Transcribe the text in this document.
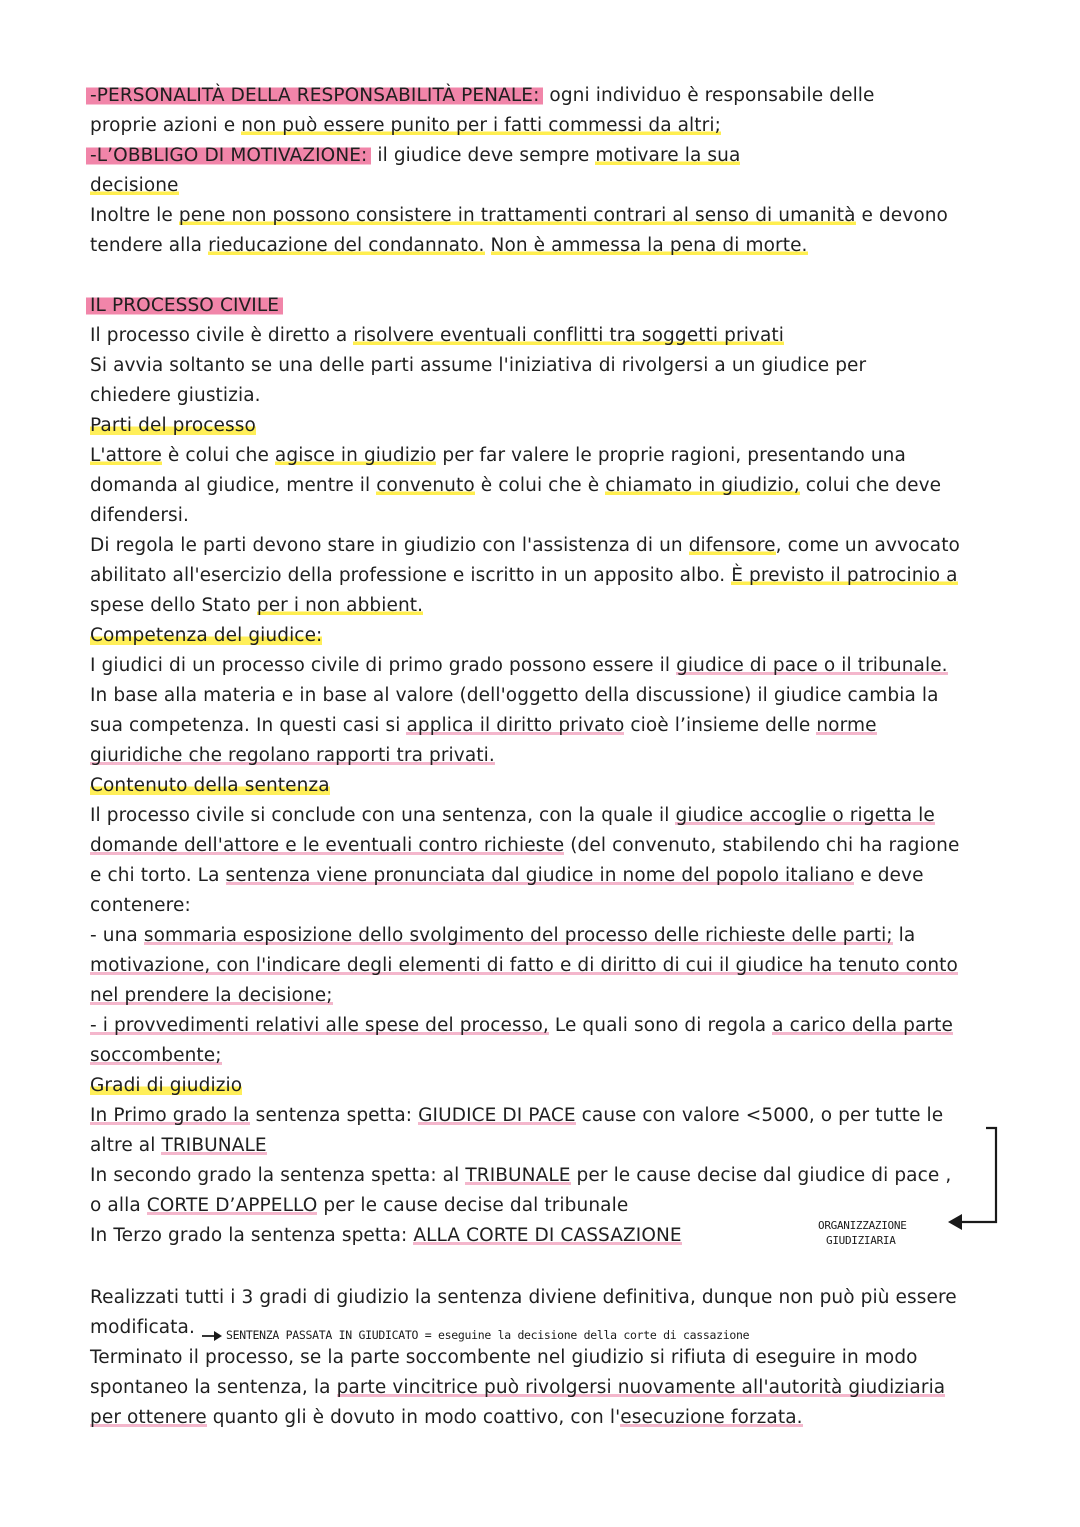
ORGANIZZAZIONE
GIUDIZIARIA
SENTENZA PASSATA IN GIUDICATO = eseguine la decisione della corte di cassazione
-PERSONALITÀ DELLA RESPONSABILITÀ PENALE: ogni individuo è responsabile delle
proprie azioni e non può essere punito per i fatti commessi da altri;
-L’OBBLIGO DI MOTIVAZIONE: il giudice deve sempre motivare la sua
decisione
Inoltre le pene non possono consistere in trattamenti contrari al senso di umanità e devono
tendere alla rieducazione del condannato. Non è ammessa la pena di morte.
IL PROCESSO CIVILE
Il processo civile è diretto a risolvere eventuali conflitti tra soggetti privati
Si avvia soltanto se una delle parti assume l'iniziativa di rivolgersi a un giudice per
chiedere giustizia.
Parti del processo
L'attore è colui che agisce in giudizio per far valere le proprie ragioni, presentando una
domanda al giudice, mentre il convenuto è colui che è chiamato in giudizio, colui che deve
difendersi.
Di regola le parti devono stare in giudizio con l'assistenza di un difensore, come un avvocato
abilitato all'esercizio della professione e iscritto in un apposito albo. È previsto il patrocinio a
spese dello Stato per i non abbient.
Competenza del giudice:
I giudici di un processo civile di primo grado possono essere il giudice di pace o il tribunale.
In base alla materia e in base al valore (dell'oggetto della discussione) il giudice cambia la
sua competenza. In questi casi si applica il diritto privato cioè l’insieme delle norme
giuridiche che regolano rapporti tra privati.
Contenuto della sentenza
Il processo civile si conclude con una sentenza, con la quale il giudice accoglie o rigetta le
domande dell'attore e le eventuali contro richieste (del convenuto, stabilendo chi ha ragione
e chi torto. La sentenza viene pronunciata dal giudice in nome del popolo italiano e deve
contenere:
- una sommaria esposizione dello svolgimento del processo delle richieste delle parti; la
motivazione, con l'indicare degli elementi di fatto e di diritto di cui il giudice ha tenuto conto
nel prendere la decisione;
- i provvedimenti relativi alle spese del processo, Le quali sono di regola a carico della parte
soccombente;
Gradi di giudizio
In Primo grado la sentenza spetta: GIUDICE DI PACE cause con valore <5000, o per tutte le
altre al TRIBUNALE
In secondo grado la sentenza spetta: al TRIBUNALE per le cause decise dal giudice di pace ,
o alla CORTE D’APPELLO per le cause decise dal tribunale
In Terzo grado la sentenza spetta: ALLA CORTE DI CASSAZIONE
Realizzati tutti i 3 gradi di giudizio la sentenza diviene definitiva, dunque non può più essere
modificata.
Terminato il processo, se la parte soccombente nel giudizio si rifiuta di eseguire in modo
spontaneo la sentenza, la parte vincitrice può rivolgersi nuovamente all'autorità giudiziaria
per ottenere quanto gli è dovuto in modo coattivo, con l'esecuzione forzata.
